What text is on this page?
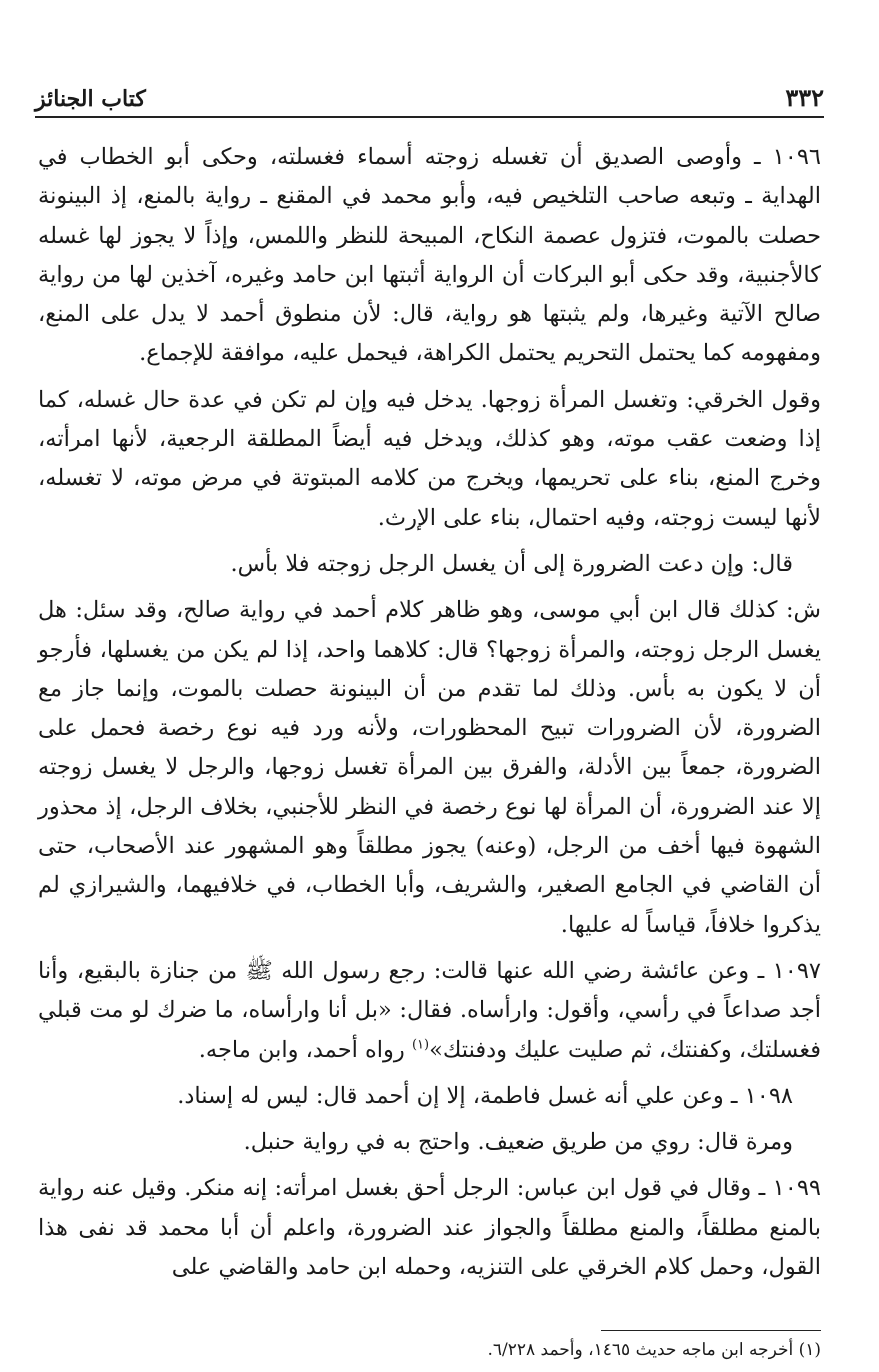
٣٣٢
كتاب الجنائز

١٠٩٦ ـ وأوصى الصديق أن تغسله زوجته أسماء فغسلته، وحكى أبو الخطاب في الهداية ـ وتبعه صاحب التلخيص فيه، وأبو محمد في المقنع ـ رواية بالمنع، إذ البينونة حصلت بالموت، فتزول عصمة النكاح، المبيحة للنظر واللمس، وإذاً لا يجوز لها غسله كالأجنبية، وقد حكى أبو البركات أن الرواية أثبتها ابن حامد وغيره، آخذين لها من رواية صالح الآتية وغيرها، ولم يثبتها هو رواية، قال: لأن منطوق أحمد لا يدل على المنع، ومفهومه كما يحتمل التحريم يحتمل الكراهة، فيحمل عليه، موافقة للإجماع.

وقول الخرقي: وتغسل المرأة زوجها. يدخل فيه وإن لم تكن في عدة حال غسله، كما إذا وضعت عقب موته، وهو كذلك، ويدخل فيه أيضاً المطلقة الرجعية، لأنها امرأته، وخرج المنع، بناء على تحريمها، ويخرج من كلامه المبتوتة في مرض موته، لا تغسله، لأنها ليست زوجته، وفيه احتمال، بناء على الإرث.

قال: وإن دعت الضرورة إلى أن يغسل الرجل زوجته فلا بأس.

ش: كذلك قال ابن أبي موسى، وهو ظاهر كلام أحمد في رواية صالح، وقد سئل: هل يغسل الرجل زوجته، والمرأة زوجها؟ قال: كلاهما واحد، إذا لم يكن من يغسلها، فأرجو أن لا يكون به بأس. وذلك لما تقدم من أن البينونة حصلت بالموت، وإنما جاز مع الضرورة، لأن الضرورات تبيح المحظورات، ولأنه ورد فيه نوع رخصة فحمل على الضرورة، جمعاً بين الأدلة، والفرق بين المرأة تغسل زوجها، والرجل لا يغسل زوجته إلا عند الضرورة، أن المرأة لها نوع رخصة في النظر للأجنبي، بخلاف الرجل، إذ محذور الشهوة فيها أخف من الرجل، (وعنه) يجوز مطلقاً وهو المشهور عند الأصحاب، حتى أن القاضي في الجامع الصغير، والشريف، وأبا الخطاب، في خلافيهما، والشيرازي لم يذكروا خلافاً، قياساً له عليها.

١٠٩٧ ـ وعن عائشة رضي الله عنها قالت: رجع رسول الله ﷺ من جنازة بالبقيع، وأنا أجد صداعاً في رأسي، وأقول: وارأساه. فقال: «بل أنا وارأساه، ما ضرك لو مت قبلي فغسلتك، وكفنتك، ثم صليت عليك ودفنتك»$^{(١)}$ رواه أحمد، وابن ماجه.

١٠٩٨ ـ وعن علي أنه غسل فاطمة، إلا إن أحمد قال: ليس له إسناد.

ومرة قال: روي من طريق ضعيف. واحتج به في رواية حنبل.

١٠٩٩ ـ وقال في قول ابن عباس: الرجل أحق بغسل امرأته: إنه منكر. وقيل عنه رواية بالمنع مطلقاً، والمنع مطلقاً والجواز عند الضرورة، واعلم أن أبا محمد قد نفى هذا القول، وحمل كلام الخرقي على التنزيه، وحمله ابن حامد والقاضي على

(١) أخرجه ابن ماجه حديث ١٤٦٥، وأحمد ٦/٢٢٨.
